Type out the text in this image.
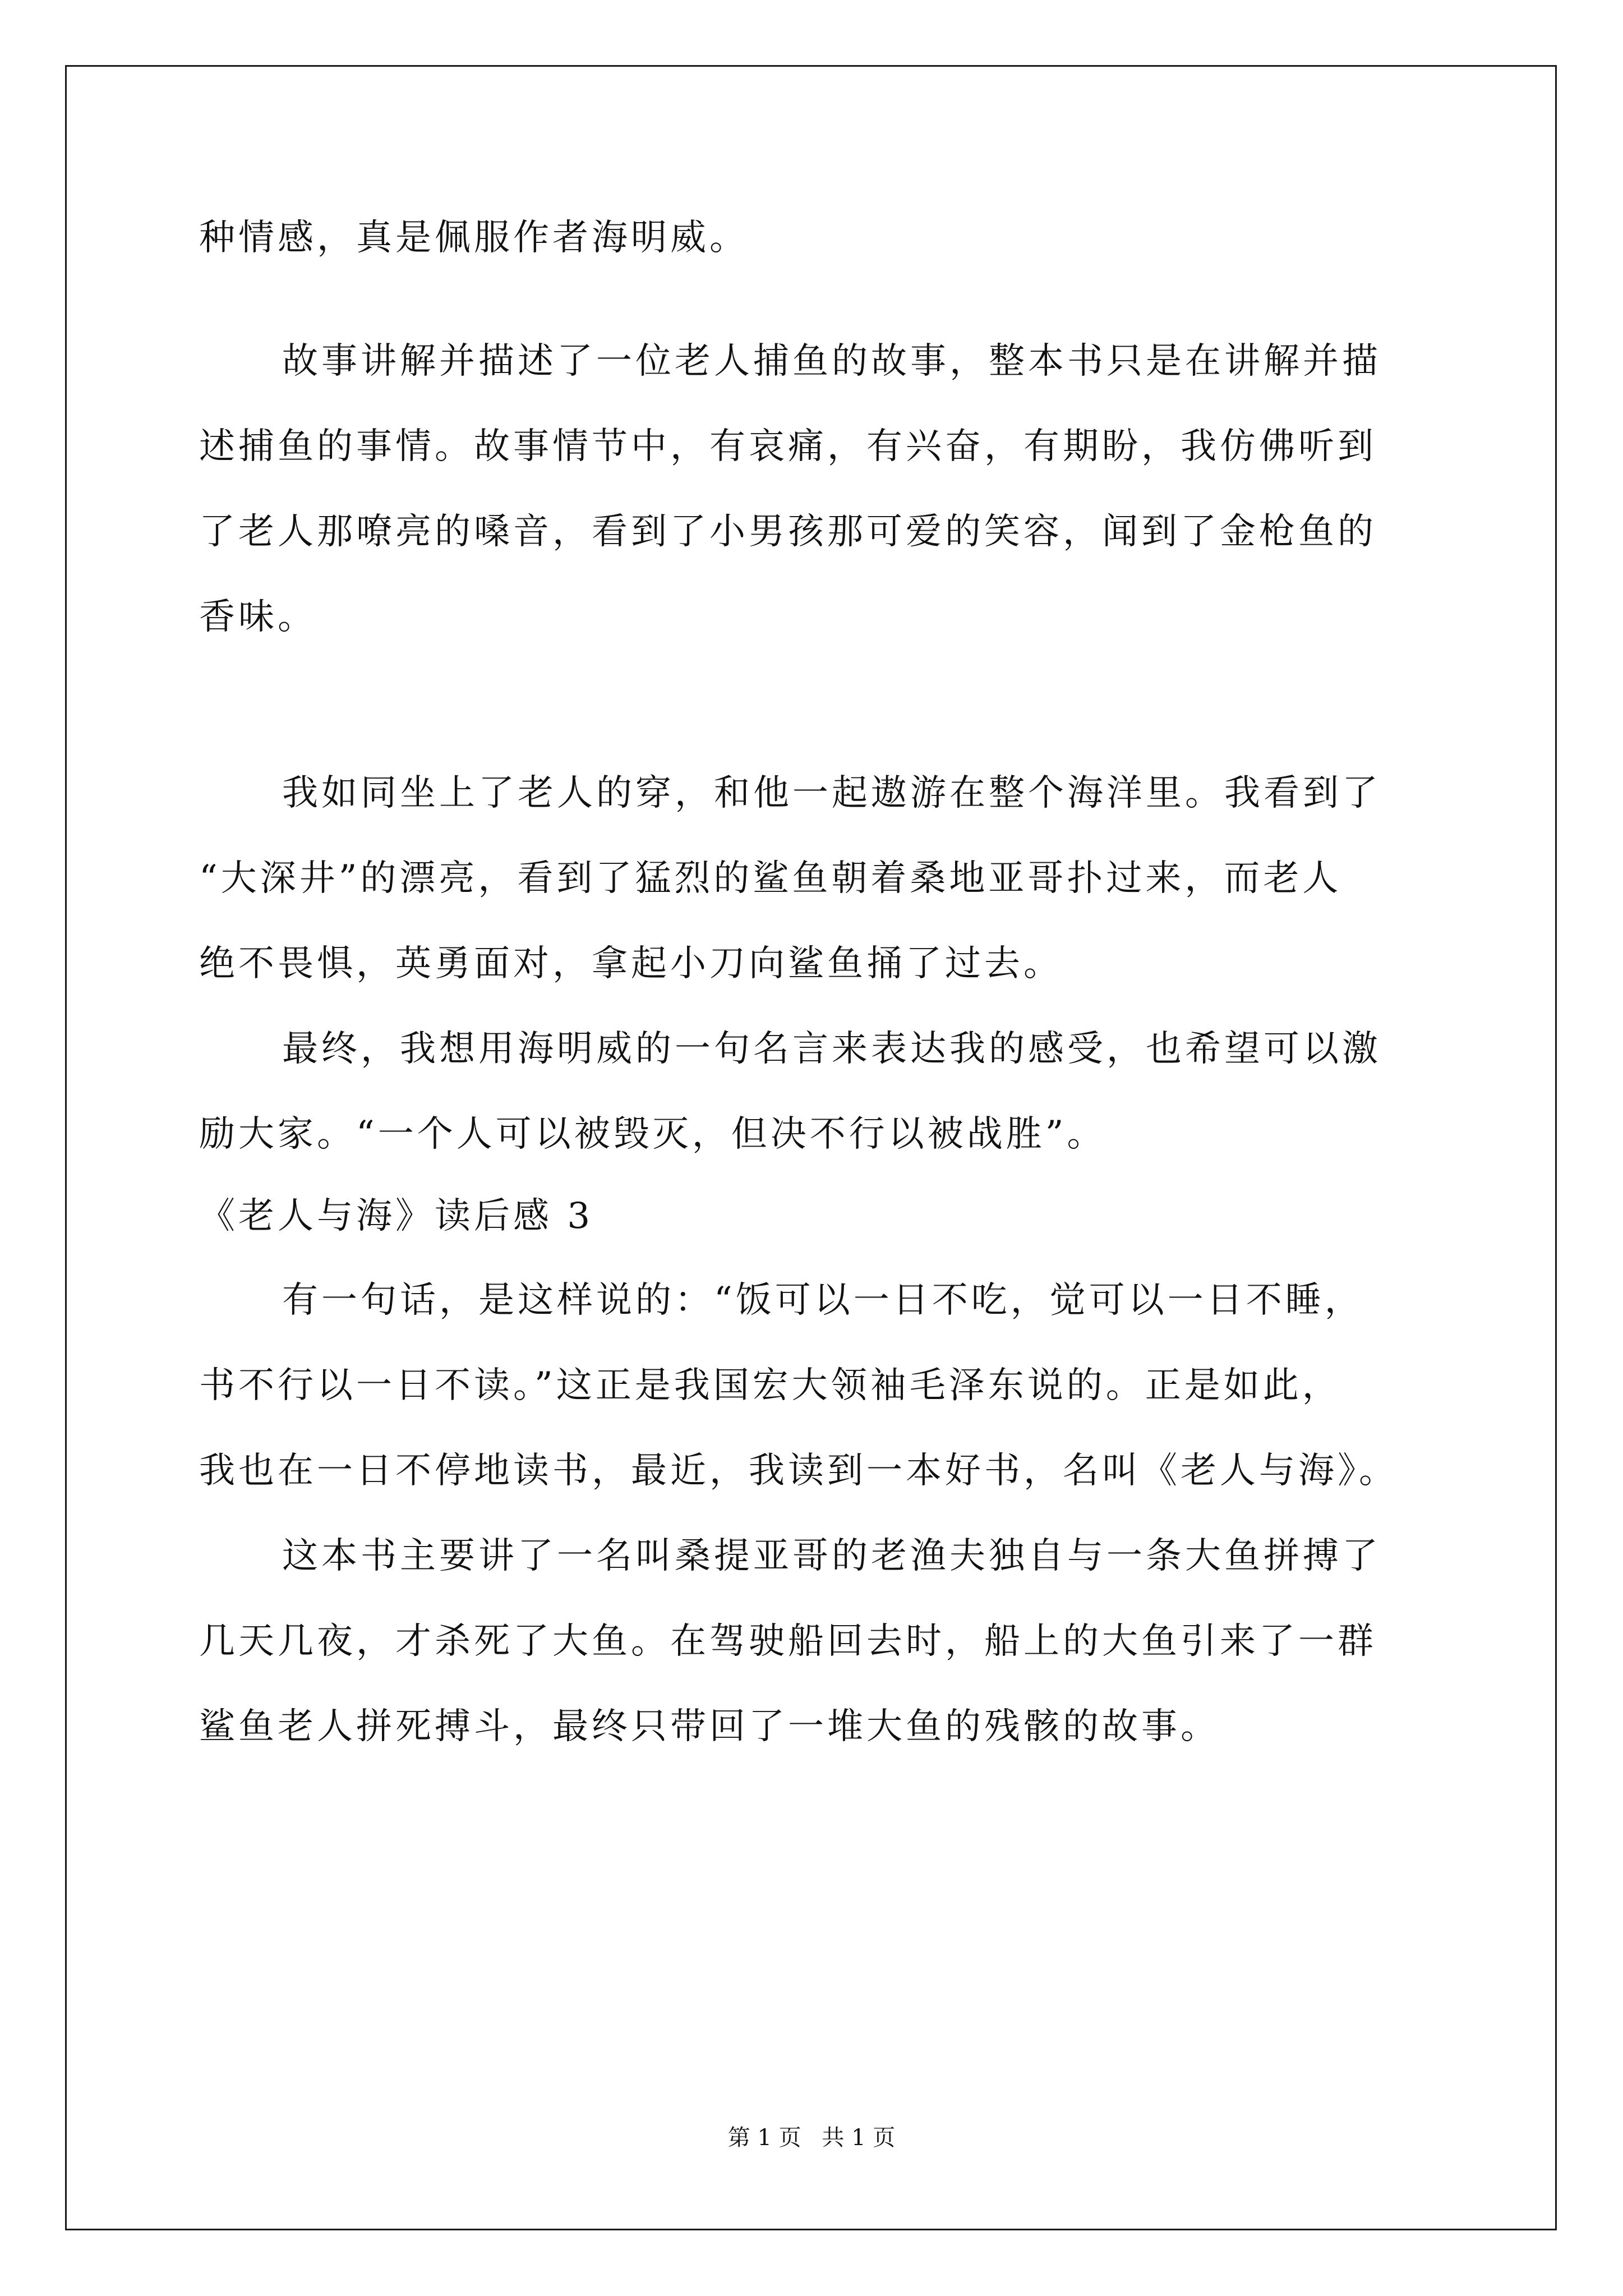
种情感，真是佩服作者海明威。
故事讲解并描述了一位老人捕鱼的故事，整本书只是在讲解并描
述捕鱼的事情。故事情节中，有哀痛，有兴奋，有期盼，我仿佛听到
了老人那嘹亮的嗓音，看到了小男孩那可爱的笑容，闻到了金枪鱼的
香味。
我如同坐上了老人的穿，和他一起遨游在整个海洋里。我看到了
“大深井”的漂亮，看到了猛烈的鲨鱼朝着桑地亚哥扑过来，而老人
绝不畏惧，英勇面对，拿起小刀向鲨鱼捅了过去。
最终，我想用海明威的一句名言来表达我的感受，也希望可以激
励大家。“一个人可以被毁灭，但决不行以被战胜”。
《老人与海》读后感 3
有一句话，是这样说的：“饭可以一日不吃，觉可以一日不睡，
书不行以一日不读。”这正是我国宏大领袖毛泽东说的。正是如此，
我也在一日不停地读书，最近，我读到一本好书，名叫《老人与海》。
这本书主要讲了一名叫桑提亚哥的老渔夫独自与一条大鱼拼搏了
几天几夜，才杀死了大鱼。在驾驶船回去时，船上的大鱼引来了一群
鲨鱼老人拼死搏斗，最终只带回了一堆大鱼的残骸的故事。
第 1 页 共 1 页
